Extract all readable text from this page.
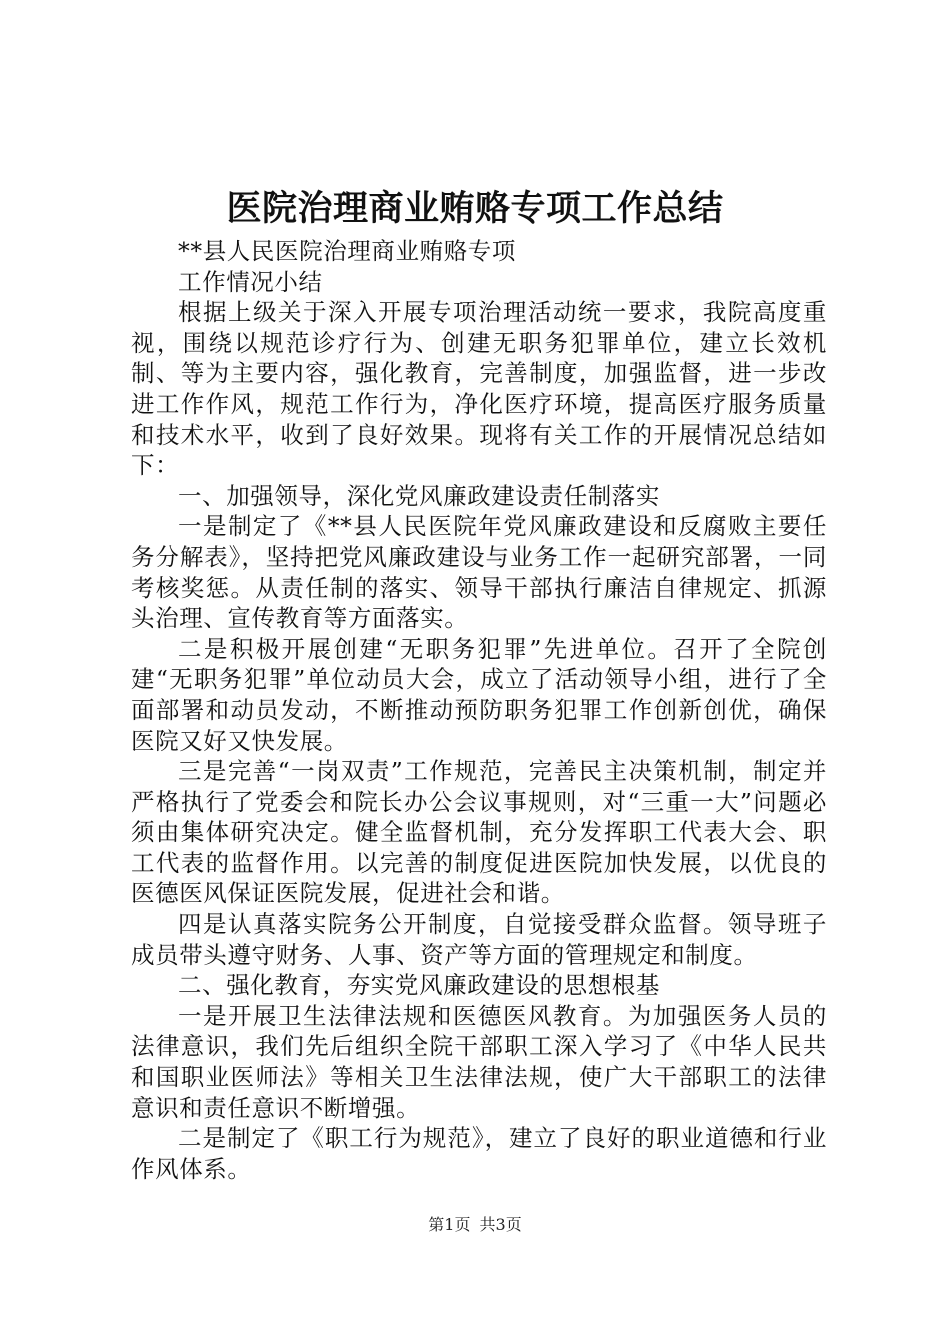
医院治理商业贿赂专项工作总结

**县人民医院治理商业贿赂专项

工作情况小结

根据上级关于深入开展专项治理活动统一要求，我院高度重视，围绕以规范诊疗行为、创建无职务犯罪单位，建立长效机制、等为主要内容，强化教育，完善制度，加强监督，进一步改进工作作风，规范工作行为，净化医疗环境，提高医疗服务质量和技术水平，收到了良好效果。现将有关工作的开展情况总结如下：

一、加强领导，深化党风廉政建设责任制落实

一是制定了《**县人民医院年党风廉政建设和反腐败主要任务分解表》，坚持把党风廉政建设与业务工作一起研究部署，一同考核奖惩。从责任制的落实、领导干部执行廉洁自律规定、抓源头治理、宣传教育等方面落实。

二是积极开展创建“无职务犯罪”先进单位。召开了全院创建“无职务犯罪”单位动员大会，成立了活动领导小组，进行了全面部署和动员发动，不断推动预防职务犯罪工作创新创优，确保医院又好又快发展。

三是完善“一岗双责”工作规范，完善民主决策机制，制定并严格执行了党委会和院长办公会议事规则，对“三重一大”问题必须由集体研究决定。健全监督机制，充分发挥职工代表大会、职工代表的监督作用。以完善的制度促进医院加快发展，以优良的医德医风保证医院发展，促进社会和谐。

四是认真落实院务公开制度，自觉接受群众监督。领导班子成员带头遵守财务、人事、资产等方面的管理规定和制度。

二、强化教育，夯实党风廉政建设的思想根基

一是开展卫生法律法规和医德医风教育。为加强医务人员的法律意识，我们先后组织全院干部职工深入学习了《中华人民共和国职业医师法》等相关卫生法律法规，使广大干部职工的法律意识和责任意识不断增强。

二是制定了《职工行为规范》，建立了良好的职业道德和行业作风体系。

第1页 共3页
